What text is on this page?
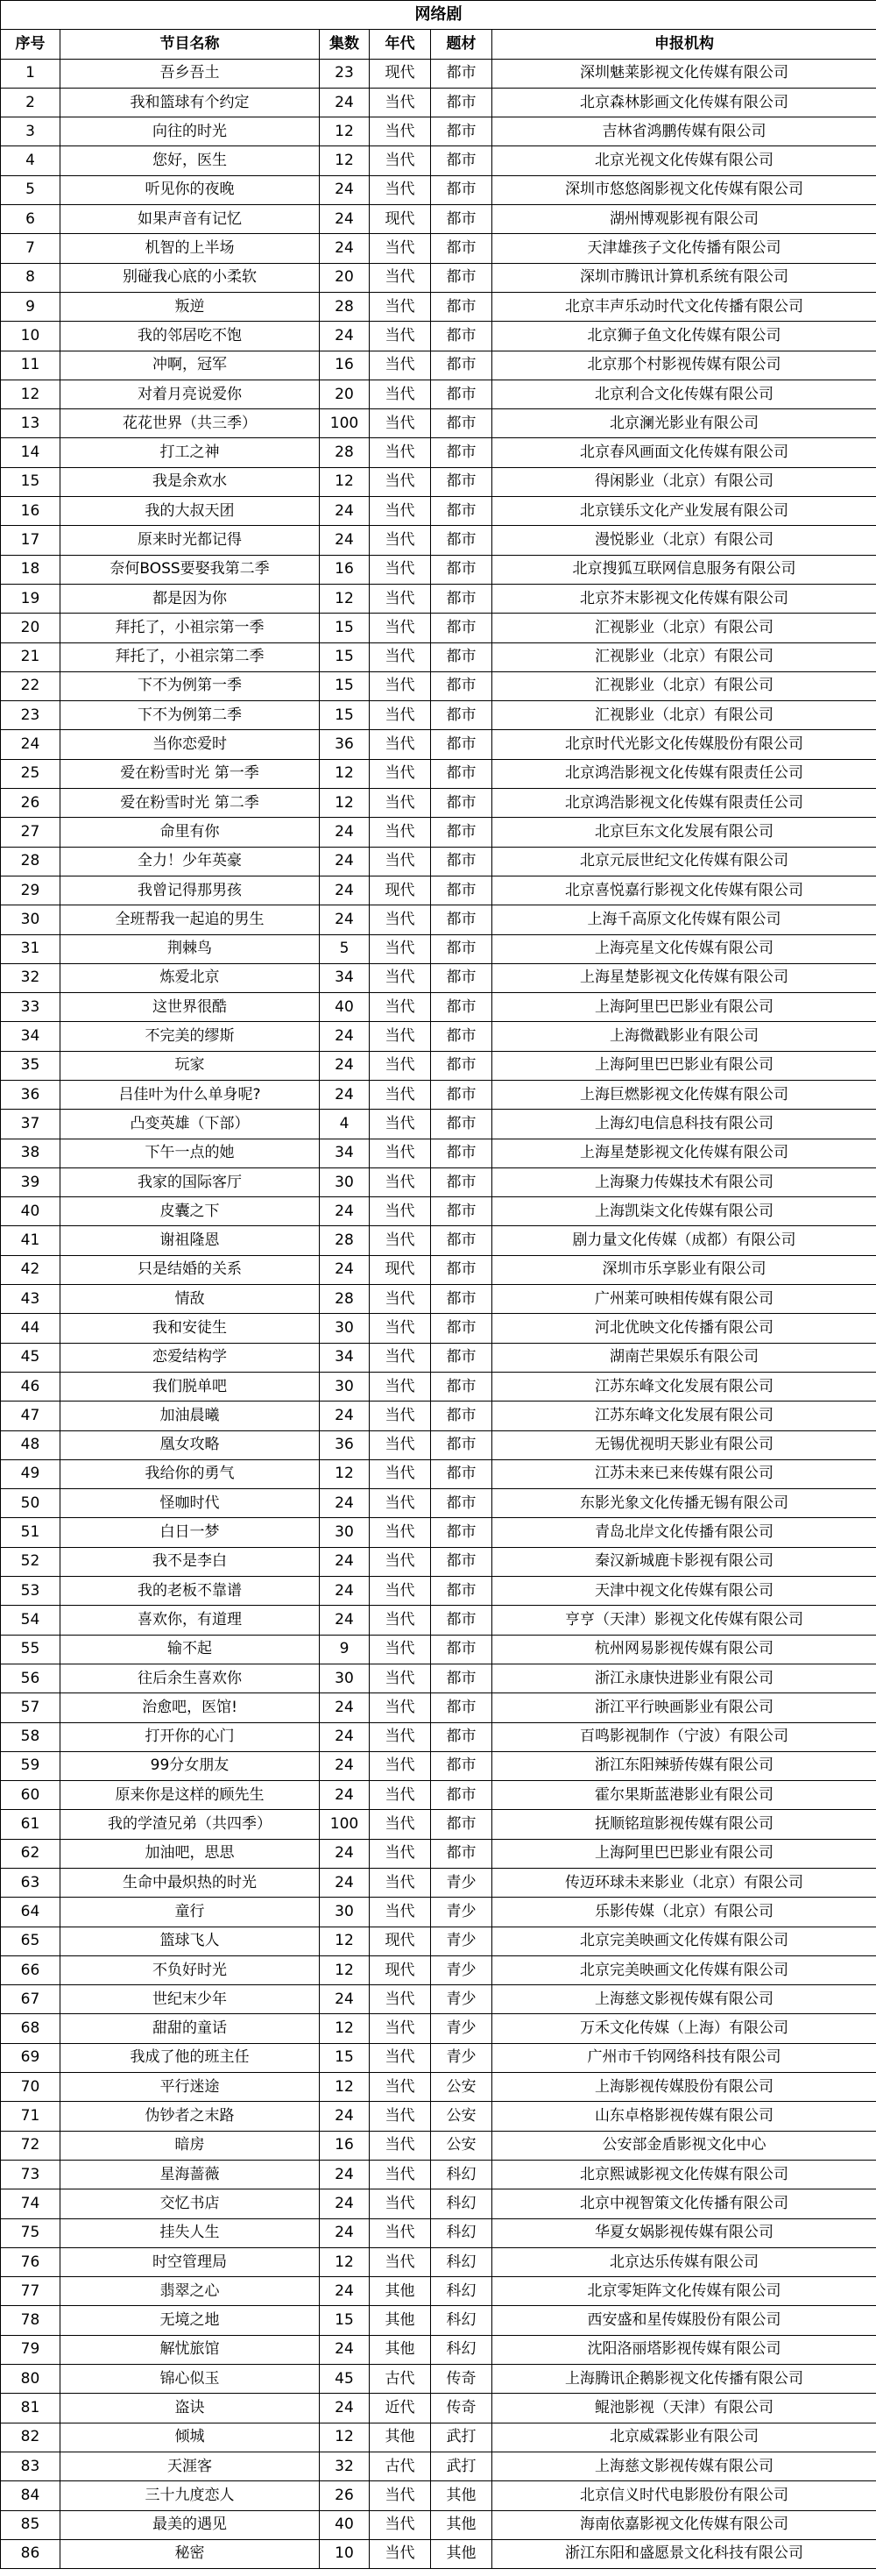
网络剧					
序号	节目名称	集数	年代	题材	申报机构
1	吾乡吾土	23	现代	都市	深圳魅莱影视文化传媒有限公司
2	我和篮球有个约定	24	当代	都市	北京森林影画文化传媒有限公司
3	向往的时光	12	当代	都市	吉林省鸿鹏传媒有限公司
4	您好，医生	12	当代	都市	北京光视文化传媒有限公司
5	听见你的夜晚	24	当代	都市	深圳市悠悠阁影视文化传媒有限公司
6	如果声音有记忆	24	现代	都市	湖州博观影视有限公司
7	机智的上半场	24	当代	都市	天津雄孩子文化传播有限公司
8	别碰我心底的小柔软	20	当代	都市	深圳市腾讯计算机系统有限公司
9	叛逆	28	当代	都市	北京丰声乐动时代文化传播有限公司
10	我的邻居吃不饱	24	当代	都市	北京狮子鱼文化传媒有限公司
11	冲啊，冠军	16	当代	都市	北京那个村影视传媒有限公司
12	对着月亮说爱你	20	当代	都市	北京利合文化传媒有限公司
13	花花世界（共三季）	100	当代	都市	北京澜光影业有限公司
14	打工之神	28	当代	都市	北京春风画面文化传媒有限公司
15	我是余欢水	12	当代	都市	得闲影业（北京）有限公司
16	我的大叔天团	24	当代	都市	北京镁乐文化产业发展有限公司
17	原来时光都记得	24	当代	都市	漫悦影业（北京）有限公司
18	奈何BOSS要娶我第二季	16	当代	都市	北京搜狐互联网信息服务有限公司
19	都是因为你	12	当代	都市	北京芥末影视文化传媒有限公司
20	拜托了，小祖宗第一季	15	当代	都市	汇视影业（北京）有限公司
21	拜托了，小祖宗第二季	15	当代	都市	汇视影业（北京）有限公司
22	下不为例第一季	15	当代	都市	汇视影业（北京）有限公司
23	下不为例第二季	15	当代	都市	汇视影业（北京）有限公司
24	当你恋爱时	36	当代	都市	北京时代光影文化传媒股份有限公司
25	爱在粉雪时光 第一季	12	当代	都市	北京鸿浩影视文化传媒有限责任公司
26	爱在粉雪时光 第二季	12	当代	都市	北京鸿浩影视文化传媒有限责任公司
27	命里有你	24	当代	都市	北京巨东文化发展有限公司
28	全力！少年英豪	24	当代	都市	北京元辰世纪文化传媒有限公司
29	我曾记得那男孩	24	现代	都市	北京喜悦嘉行影视文化传媒有限公司
30	全班帮我一起追的男生	24	当代	都市	上海千高原文化传媒有限公司
31	荆棘鸟	5	当代	都市	上海亮星文化传媒有限公司
32	炼爱北京	34	当代	都市	上海星楚影视文化传媒有限公司
33	这世界很酷	40	当代	都市	上海阿里巴巴影业有限公司
34	不完美的缪斯	24	当代	都市	上海微戳影业有限公司
35	玩家	24	当代	都市	上海阿里巴巴影业有限公司
36	吕佳叶为什么单身呢?	24	当代	都市	上海巨燃影视文化传媒有限公司
37	凸变英雄（下部）	4	当代	都市	上海幻电信息科技有限公司
38	下午一点的她	34	当代	都市	上海星楚影视文化传媒有限公司
39	我家的国际客厅	30	当代	都市	上海聚力传媒技术有限公司
40	皮囊之下	24	当代	都市	上海凯柒文化传媒有限公司
41	谢祖隆恩	28	当代	都市	剧力量文化传媒（成都）有限公司
42	只是结婚的关系	24	现代	都市	深圳市乐享影业有限公司
43	情敌	28	当代	都市	广州莱可映相传媒有限公司
44	我和安徒生	30	当代	都市	河北优映文化传播有限公司
45	恋爱结构学	34	当代	都市	湖南芒果娱乐有限公司
46	我们脱单吧	30	当代	都市	江苏东峰文化发展有限公司
47	加油晨曦	24	当代	都市	江苏东峰文化发展有限公司
48	凰女攻略	36	当代	都市	无锡优视明天影业有限公司
49	我给你的勇气	12	当代	都市	江苏未来已来传媒有限公司
50	怪咖时代	24	当代	都市	东影光象文化传播无锡有限公司
51	白日一梦	30	当代	都市	青岛北岸文化传播有限公司
52	我不是李白	24	当代	都市	秦汉新城鹿卡影视有限公司
53	我的老板不靠谱	24	当代	都市	天津中视文化传媒有限公司
54	喜欢你，有道理	24	当代	都市	亨亨（天津）影视文化传媒有限公司
55	输不起	9	当代	都市	杭州网易影视传媒有限公司
56	往后余生喜欢你	30	当代	都市	浙江永康快进影业有限公司
57	治愈吧，医馆!	24	当代	都市	浙江平行映画影业有限公司
58	打开你的心门	24	当代	都市	百鸣影视制作（宁波）有限公司
59	99分女朋友	24	当代	都市	浙江东阳辣骄传媒有限公司
60	原来你是这样的顾先生	24	当代	都市	霍尔果斯蓝港影业有限公司
61	我的学渣兄弟（共四季）	100	当代	都市	抚顺铭瑄影视传媒有限公司
62	加油吧，思思	24	当代	都市	上海阿里巴巴影业有限公司
63	生命中最炽热的时光	24	当代	青少	传迈环球未来影业（北京）有限公司
64	童行	30	当代	青少	乐影传媒（北京）有限公司
65	篮球飞人	12	现代	青少	北京完美映画文化传媒有限公司
66	不负好时光	12	现代	青少	北京完美映画文化传媒有限公司
67	世纪末少年	24	当代	青少	上海慈文影视传媒有限公司
68	甜甜的童话	12	当代	青少	万禾文化传媒（上海）有限公司
69	我成了他的班主任	15	当代	青少	广州市千钧网络科技有限公司
70	平行迷途	12	当代	公安	上海影视传媒股份有限公司
71	伪钞者之末路	24	当代	公安	山东卓格影视传媒有限公司
72	暗房	16	当代	公安	公安部金盾影视文化中心
73	星海蔷薇	24	当代	科幻	北京熙诚影视文化传媒有限公司
74	交忆书店	24	当代	科幻	北京中视智策文化传播有限公司
75	挂失人生	24	当代	科幻	华夏女娲影视传媒有限公司
76	时空管理局	12	当代	科幻	北京达乐传媒有限公司
77	翡翠之心	24	其他	科幻	北京零矩阵文化传媒有限公司
78	无境之地	15	其他	科幻	西安盛和星传媒股份有限公司
79	解忧旅馆	24	其他	科幻	沈阳洛丽塔影视传媒有限公司
80	锦心似玉	45	古代	传奇	上海腾讯企鹅影视文化传播有限公司
81	盗诀	24	近代	传奇	鲲池影视（天津）有限公司
82	倾城	12	其他	武打	北京威霖影业有限公司
83	天涯客	32	古代	武打	上海慈文影视传媒有限公司
84	三十九度恋人	26	当代	其他	北京信义时代电影股份有限公司
85	最美的遇见	40	当代	其他	海南依嘉影视文化传媒有限公司
86	秘密	10	当代	其他	浙江东阳和盛愿景文化科技有限公司
